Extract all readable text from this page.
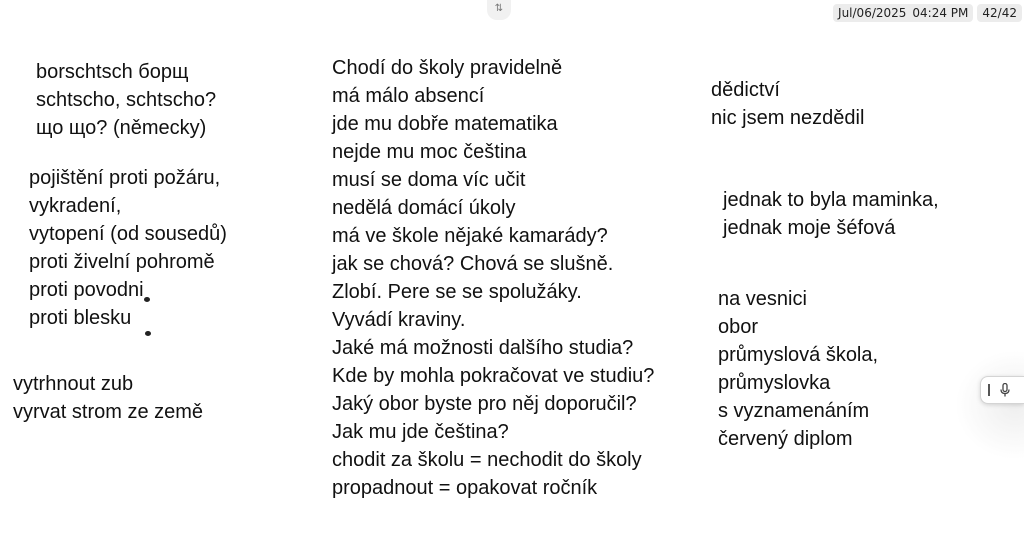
⇅	Jul/06/2025 04:24 PM	42/42
borschtsch борщ
schtscho, schtscho?
що що? (německy)
pojištění proti požáru,
vykradení,
vytopení (od sousedů)
proti živelní pohromě
proti povodni
proti blesku
vytrhnout zub
vyrvat strom ze země
Chodí do školy pravidelně
má málo absencí
jde mu dobře matematika
nejde mu moc čeština
musí se doma víc učit
nedělá domácí úkoly
má ve škole nějaké kamarády?
jak se chová? Chová se slušně.
Zlobí. Pere se se spolužáky.
Vyvádí kraviny.
Jaké má možnosti dalšího studia?
Kde by mohla pokračovat ve studiu?
Jaký obor byste pro něj doporučil?
Jak mu jde čeština?
chodit za školu = nechodit do školy
propadnout = opakovat ročník
dědictví
nic jsem nezdědil
jednak to byla maminka,
jednak moje šéfová
na vesnici
obor
průmyslová škola,
průmyslovka
s vyznamenáním
červený diplom
